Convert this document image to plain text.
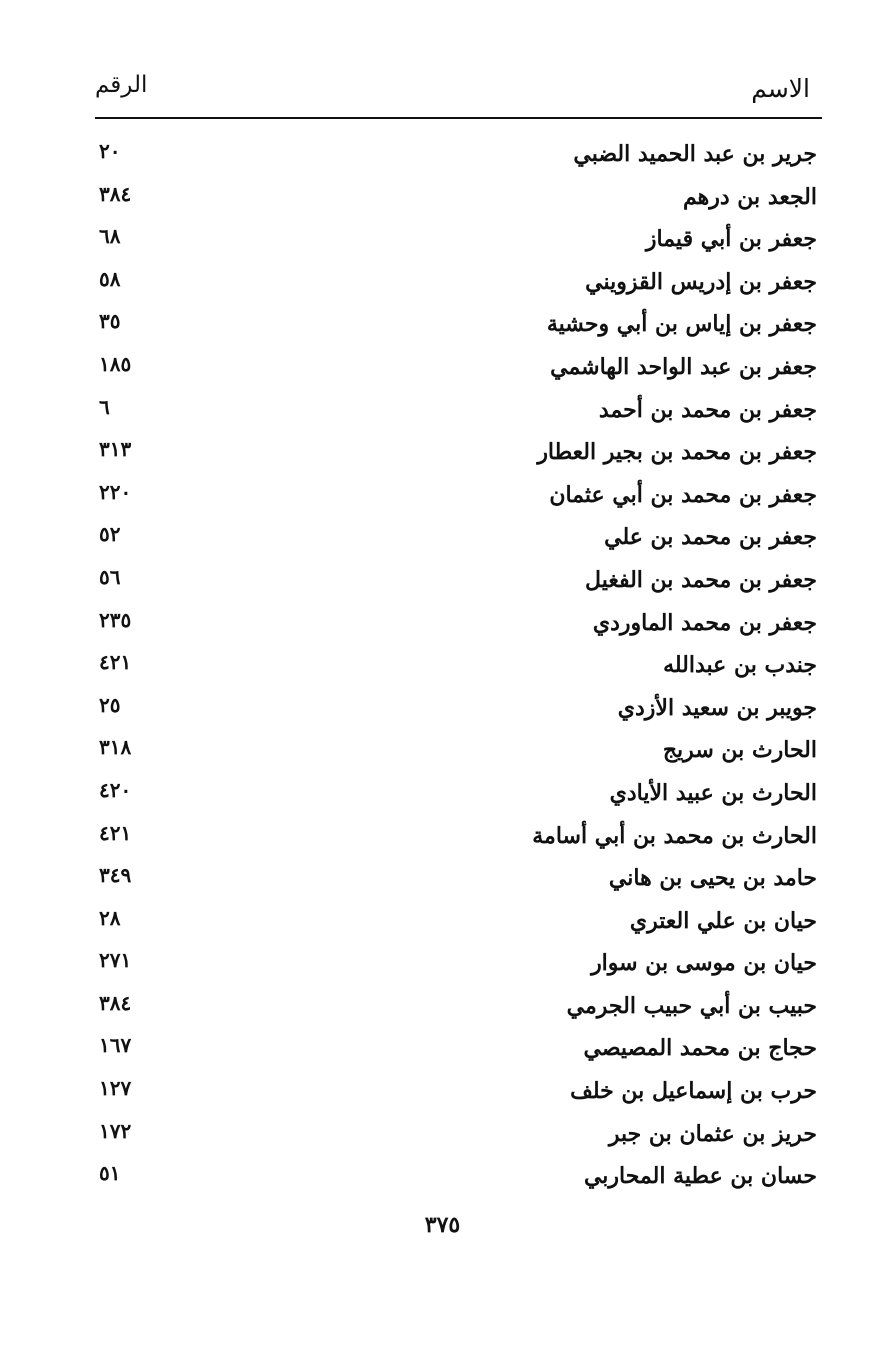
الاسم
الرقم
جرير بن عبد الحميد الضبي
٢٠
الجعد بن درهم
٣٨٤
جعفر بن أبي قيماز
٦٨
جعفر بن إدريس القزويني
٥٨
جعفر بن إياس بن أبي وحشية
٣٥
جعفر بن عبد الواحد الهاشمي
١٨٥
جعفر بن محمد بن أحمد
٦
جعفر بن محمد بن بجير العطار
٣١٣
جعفر بن محمد بن أبي عثمان
٢٢٠
جعفر بن محمد بن علي
٥٢
جعفر بن محمد بن الفغيل
٥٦
جعفر بن محمد الماوردي
٢٣٥
جندب بن عبدالله
٤٢١
جويبر بن سعيد الأزدي
٢٥
الحارث بن سريج
٣١٨
الحارث بن عبيد الأيادي
٤٢٠
الحارث بن محمد بن أبي أسامة
٤٢١
حامد بن يحيى بن هاني
٣٤٩
حيان بن علي العتري
٢٨
حيان بن موسى بن سوار
٢٧١
حبيب بن أبي حبيب الجرمي
٣٨٤
حجاج بن محمد المصيصي
١٦٧
حرب بن إسماعيل بن خلف
١٢٧
حريز بن عثمان بن جبر
١٧٢
حسان بن عطية المحاربي
٥١
٣٧٥
